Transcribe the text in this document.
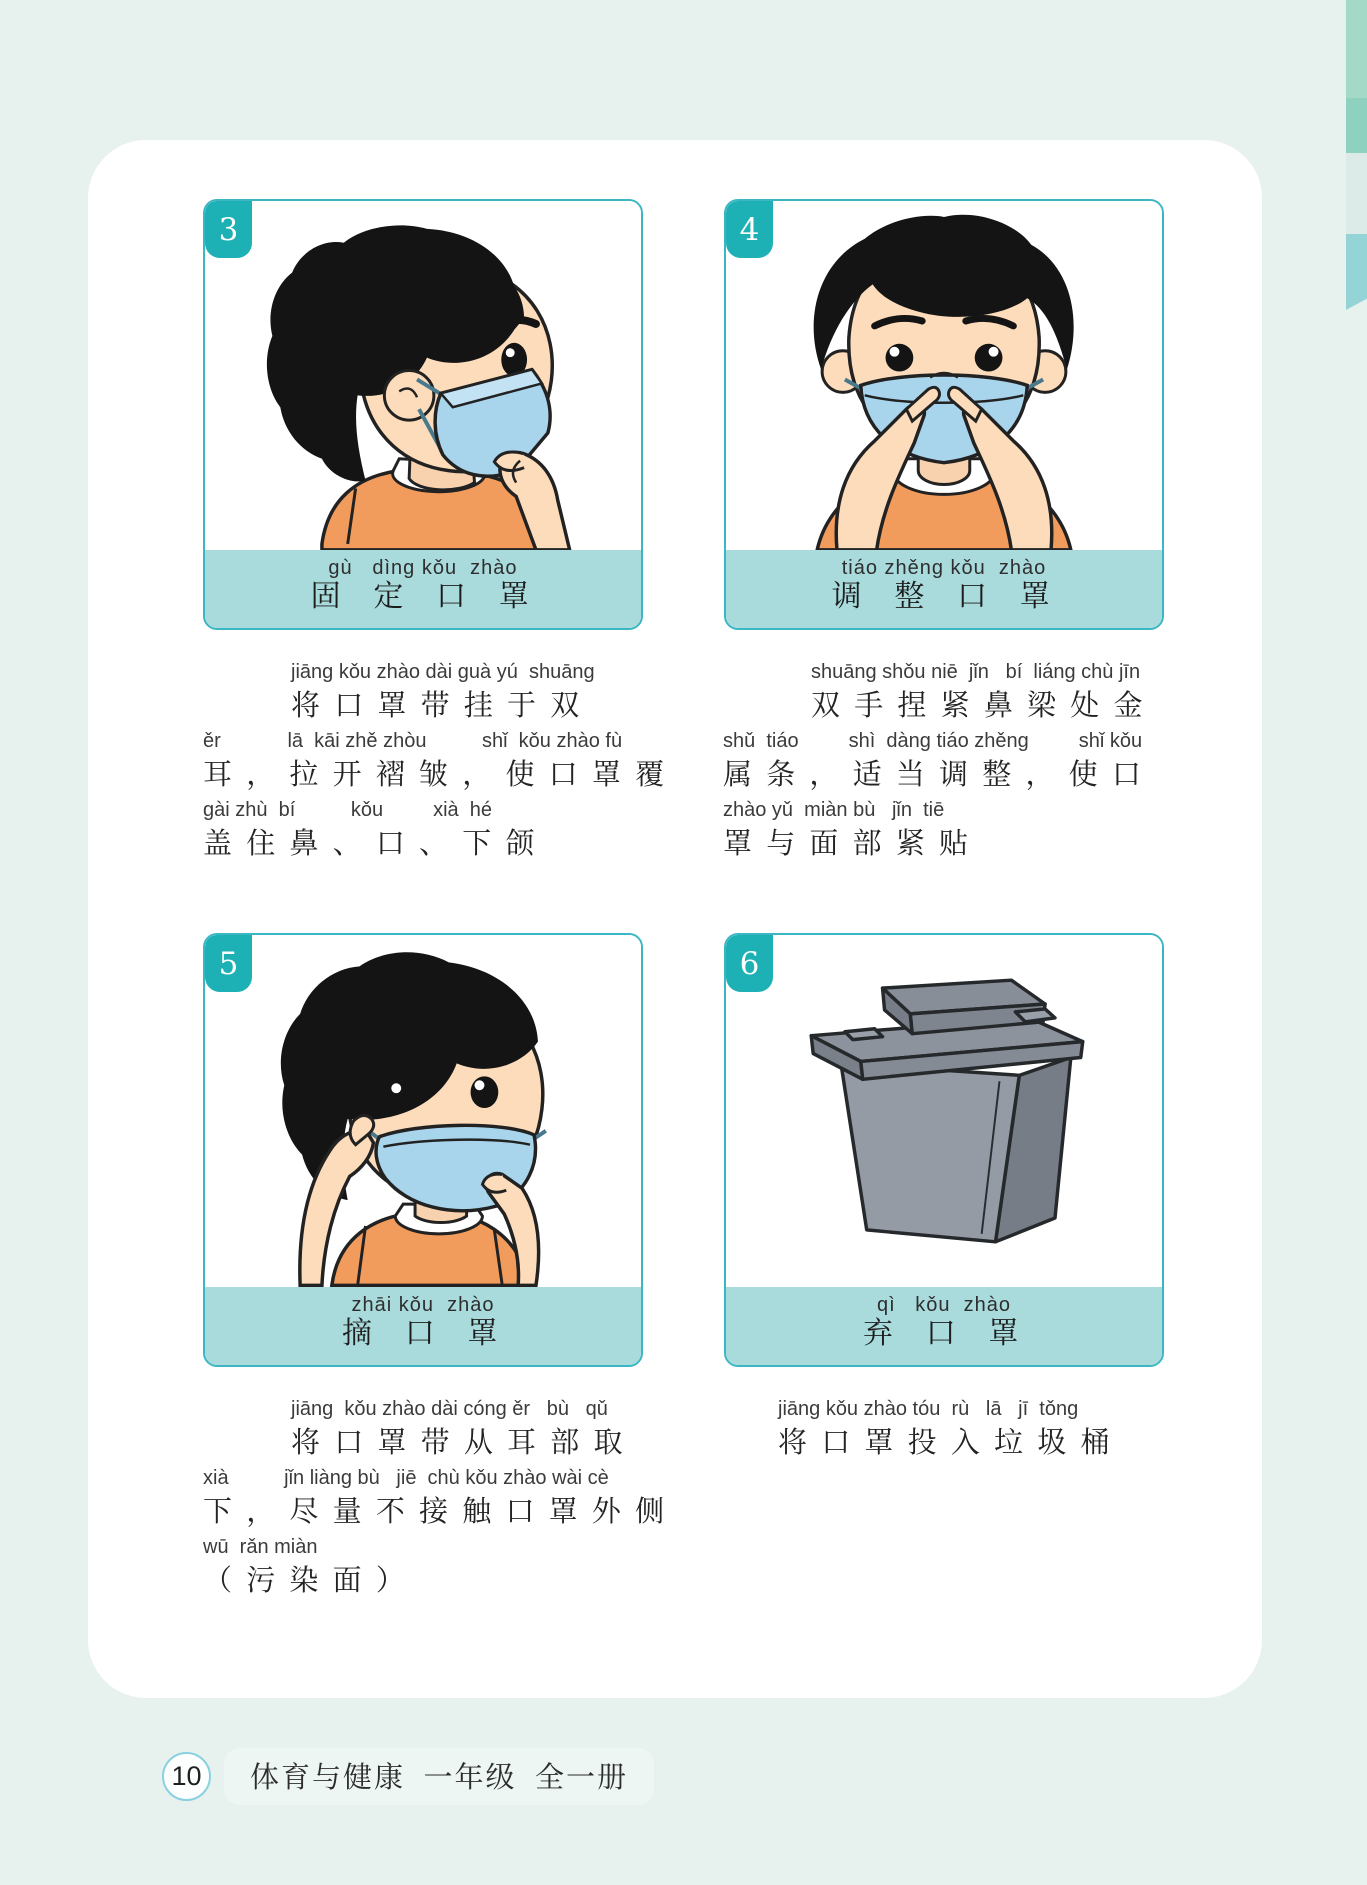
3
gù   dìng kǒu  zhào
固 定 口 罩
4
tiáo zhěng kǒu  zhào
调 整 口 罩
5
zhāi kǒu  zhào
摘 口 罩
6
qì   kǒu  zhào
弃 口 罩
jiāng kǒu zhào dài guà yú  shuāng
将 口 罩 带 挂 于 双
ěr            lā  kāi zhě zhòu          shǐ  kǒu zhào fù
耳 ， 拉 开 褶 皱 ， 使 口 罩 覆
gài zhù  bí          kǒu         xià  hé
盖 住 鼻 、 口 、 下 颌
shuāng shǒu niē  jǐn   bí  liáng chù jīn
双 手 捏 紧 鼻 梁 处 金
shǔ  tiáo         shì  dàng tiáo zhěng         shǐ kǒu
属 条 ， 适 当 调 整 ， 使 口
zhào yǔ  miàn bù   jǐn  tiē
罩 与 面 部 紧 贴
jiāng  kǒu zhào dài cóng ěr   bù   qǔ
将 口 罩 带 从 耳 部 取
xià          jǐn liàng bù   jiē  chù kǒu zhào wài cè
下 ， 尽 量 不 接 触 口 罩 外 侧
wū  rǎn miàn
（ 污 染 面 ）
jiāng kǒu zhào tóu  rù   lā   jī  tǒng
将 口 罩 投 入 垃 圾 桶
10	体育与健康  一年级  全一册
